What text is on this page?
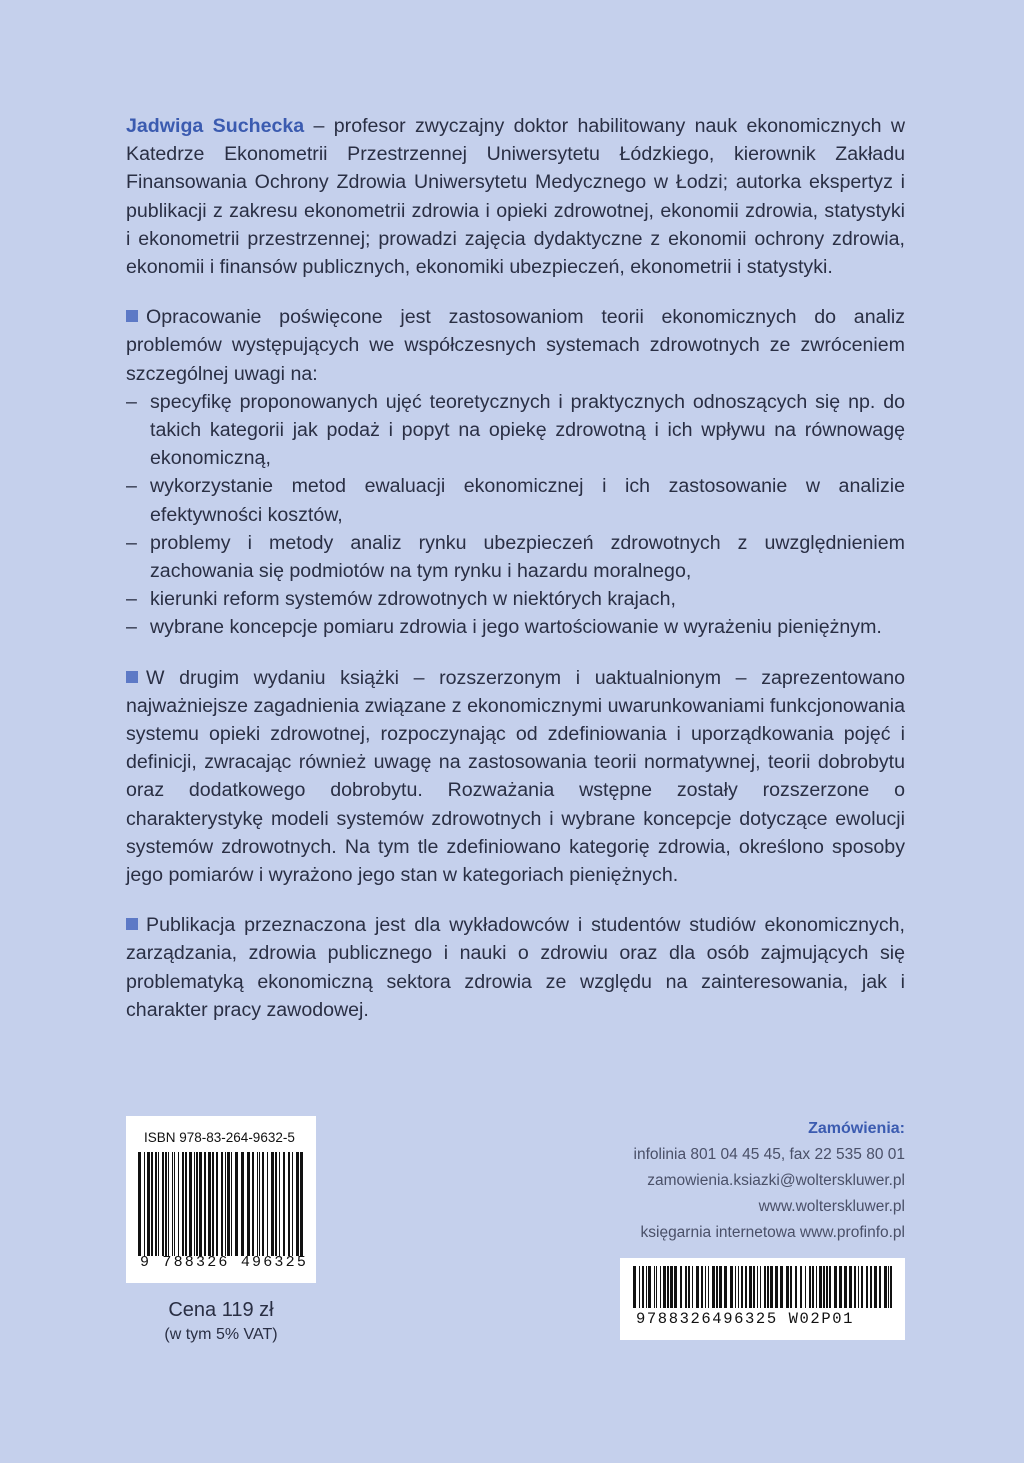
Jadwiga Suchecka – profesor zwyczajny doktor habilitowany nauk ekonomicznych w Katedrze Ekonometrii Przestrzennej Uniwersytetu Łódzkiego, kierownik Zakładu Finansowania Ochrony Zdrowia Uniwersytetu Medycznego w Łodzi; autorka ekspertyz i publikacji z zakresu ekonometrii zdrowia i opieki zdrowotnej, ekonomii zdrowia, statystyki i ekonometrii przestrzennej; prowadzi zajęcia dydaktyczne z ekonomii ochrony zdrowia, ekonomii i finansów publicznych, ekonomiki ubezpieczeń, ekonometrii i statystyki.

Opracowanie poświęcone jest zastosowaniom teorii ekonomicznych do analiz problemów występujących we współczesnych systemach zdrowotnych ze zwróceniem szczególnej uwagi na:

– specyfikę proponowanych ujęć teoretycznych i praktycznych odnoszących się np. do takich kategorii jak podaż i popyt na opiekę zdrowotną i ich wpływu na równowagę ekonomiczną,
– wykorzystanie metod ewaluacji ekonomicznej i ich zastosowanie w analizie efektywności kosztów,
– problemy i metody analiz rynku ubezpieczeń zdrowotnych z uwzględnieniem zachowania się podmiotów na tym rynku i hazardu moralnego,
– kierunki reform systemów zdrowotnych w niektórych krajach,
– wybrane koncepcje pomiaru zdrowia i jego wartościowanie w wyrażeniu pieniężnym.

W drugim wydaniu książki – rozszerzonym i uaktualnionym – zaprezentowano najważniejsze zagadnienia związane z ekonomicznymi uwarunkowaniami funkcjonowania systemu opieki zdrowotnej, rozpoczynając od zdefiniowania i uporządkowania pojęć i definicji, zwracając również uwagę na zastosowania teorii normatywnej, teorii dobrobytu oraz dodatkowego dobrobytu. Rozważania wstępne zostały rozszerzone o charakterystykę modeli systemów zdrowotnych i wybrane koncepcje dotyczące ewolucji systemów zdrowotnych. Na tym tle zdefiniowano kategorię zdrowia, określono sposoby jego pomiarów i wyrażono jego stan w kategoriach pieniężnych.

Publikacja przeznaczona jest dla wykładowców i studentów studiów ekonomicznych, zarządzania, zdrowia publicznego i nauki o zdrowiu oraz dla osób zajmujących się problematyką ekonomiczną sektora zdrowia ze względu na zainteresowania, jak i charakter pracy zawodowej.

ISBN 978-83-264-9632-5
9 788326 496325
Cena 119 zł
(w tym 5% VAT)
Zamówienia:
infolinia 801 04 45 45, fax 22 535 80 01
zamowienia.ksiazki@wolterskluwer.pl
www.wolterskluwer.pl
księgarnia internetowa www.profinfo.pl
9788326496325 W02P01
